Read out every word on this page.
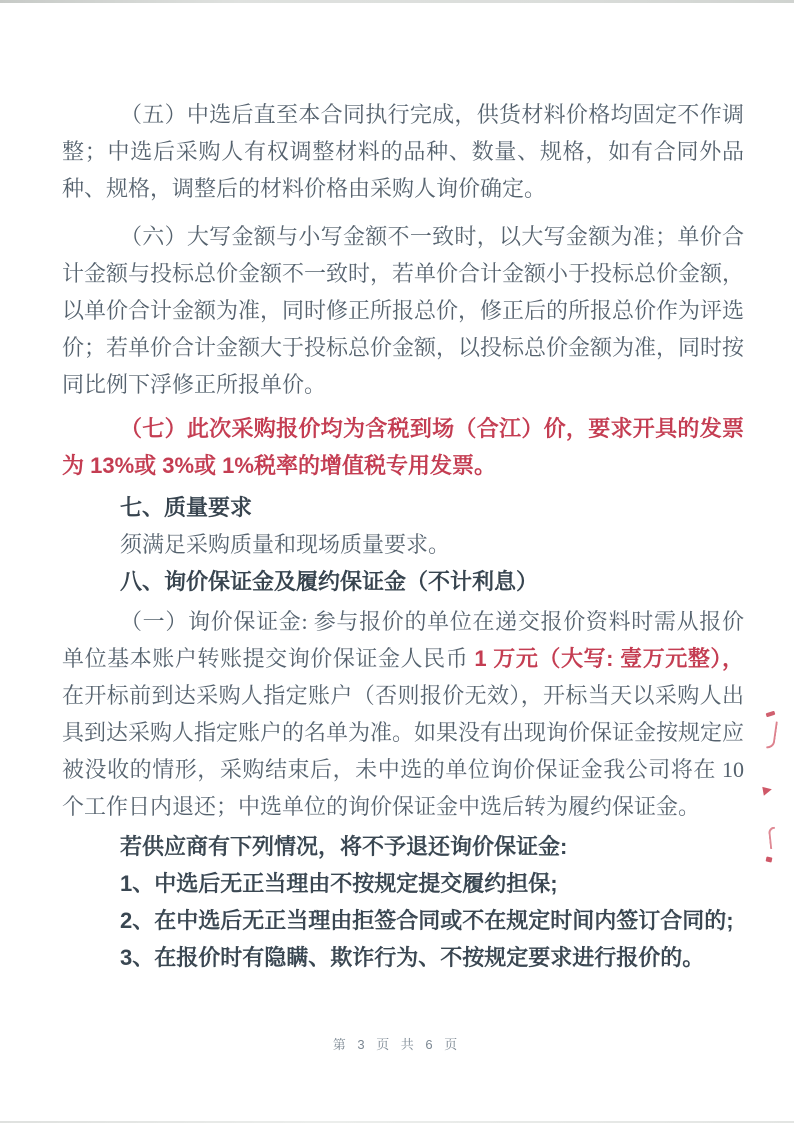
（五）中选后直至本合同执行完成，供货材料价格均固定不作调整；中选后采购人有权调整材料的品种、数量、规格，如有合同外品种、规格，调整后的材料价格由采购人询价确定。

（六）大写金额与小写金额不一致时，以大写金额为准；单价合计金额与投标总价金额不一致时，若单价合计金额小于投标总价金额，以单价合计金额为准，同时修正所报总价，修正后的所报总价作为评选价；若单价合计金额大于投标总价金额，以投标总价金额为准，同时按同比例下浮修正所报单价。

（七）此次采购报价均为含税到场（合江）价，要求开具的发票为 13%或 3%或 1%税率的增值税专用发票。

七、质量要求

须满足采购质量和现场质量要求。

八、询价保证金及履约保证金（不计利息）

（一）询价保证金: 参与报价的单位在递交报价资料时需从报价单位基本账户转账提交询价保证金人民币 1 万元（大写: 壹万元整），在开标前到达采购人指定账户（否则报价无效），开标当天以采购人出具到达采购人指定账户的名单为准。如果没有出现询价保证金按规定应被没收的情形，采购结束后，未中选的单位询价保证金我公司将在 10 个工作日内退还；中选单位的询价保证金中选后转为履约保证金。

若供应商有下列情况，将不予退还询价保证金:

1、中选后无正当理由不按规定提交履约担保;

2、在中选后无正当理由拒签合同或不在规定时间内签订合同的;

3、在报价时有隐瞒、欺诈行为、不按规定要求进行报价的。

第 3 页 共 6 页
